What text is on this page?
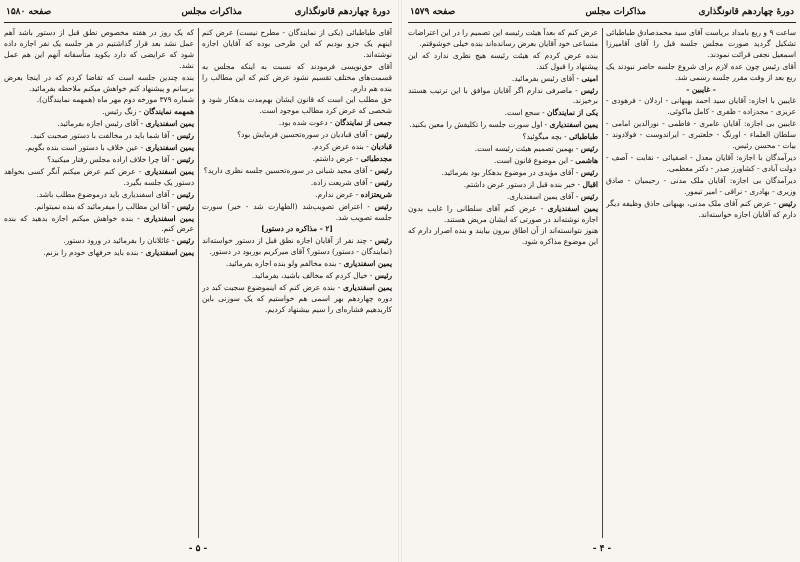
دورهٔ چهاردهم قانونگذاری
مذاکرات مجلس
صفحه ۱۵۸۰

آقای طباطبائی (یکی از نمایندگان - مطرح نیست) عرض کنم اینهم یک جزو بودیم که این طرحی بوده که آقایان اجازه نوشته‌اند.

آقای حق‌نویسی فرمودند که نسبت به اینکه مجلس به قسمت‌های مختلف تقسیم نشود عرض کنم که این مطالب را بنده هم دارم.

حق مطلب این است که قانون ایشان بهم‌مدت بدهکار شود و شخصی که عرض کرد مطالب موجود است.

جمعی از نمایندگان - دعوت شده بود.

رئیس - آقای قبادیان در سوره‌تحسین فرمایش بود؟

قبادیان - بنده عرض کردم.

مجدطبائی - عرض داشتم.

رئیس - آقای مجید شبانی در سوره‌تحسین جلسه نظری دارید؟

رئیس - آقای شریعت زاده.

شریعتزاده - عرض ندارم.

رئیس - اعتراض تصویب‌شد (الطهارت شد - خیر) سورت جلسه تصویب شد.

[۲ - مذاکره در دستور]

رئیس - چند نفر از آقایان اجازه نطق قبل از دستور خواسته‌اند (نمایندگان - دستور) دستور؟ آقای میرکریم بوربود در دستور.

یمین اسفندیاری - بنده مخالفم ولو بنده اجازه بفرمائید.

رئیس - خیال کردم که مخالف باشید، بفرمائید.

یمین اسفندیاری - بنده عرض کنم که اینموضوع سجیت کبد در دوره چهاردهم بهر اسمی هم خواستیم که یک سوزنی باین کاربدهیم فشاره‌ای را سیم بیشنهاد کردیم.

که یک روز در هفته مخصوص نطق قبل از دستور باشد آهم عمل نشد بعد قرار گذاشتیم در هر جلسه یک نفر اجازه داده شود که عرایضی که دارد بکوید متأسفانه آنهم این هم عمل نشد.

بنده چندین جلسه است که تقاضا کردم که در اینجا بعرض برسانم و پیشنهاد کنم خواهش میکنم ملاحظه بفرمائید.

شماره ۳۷۹ مورخه دوم مهر ماه (همهمه نمایندگان).

همهمه نمایندگان - زنگ رئیس.

یمین اسفندیاری - آقای رئیس اجازه بفرمائید.

رئیس - آقا شما باید در مخالفت با دستور صحبت کنید.

یمین اسفندیاری - عین خلاف با دستور است بنده بگویم.

رئیس - آقا چرا خلاف اراده مجلس رفتار میکنید؟

یمین اسفندیاری - عرض کنم عرض میکنم آنگر کسی بخواهد دستور یک جلسه بگیرد.

رئیس - آقای اسفندیاری باید درموضوع مطلب باشد.

رئیس - آقا این مطالب را میفرمائید که بنده نمیتوانم.

یمین اسفندیاری - بنده خواهش میکنم اجازه بدهید که بنده عرض کنم.

رئیس - غائلانان را بفرمائید در ورود دستور.

یمین اسفندیاری - بنده باید حرفهای خودم را بزنم.

- ۵ -
دورهٔ چهاردهم قانونگذاری
مذاکرات مجلس
صفحه ۱۵۷۹

ساعت ۹ و ربع بامداد بریاست آقای سید محمدصادق طباطبائی تشکیل گردید صورت مجلس جلسه قبل را آقای آقامیرزا اسمعیل نجفی قرائت نمودند.

آقای رئیس چون عده لازم برای شروع جلسه حاضر نبودند یک ربع بعد از وقت مقرر جلسه رسمی شد.

- غایبین -

غایبین با اجازه: آقایان سید احمد بهبهانی - اردلان - فرهودی - عزیزی - مجدزاده - ظفری - کامل ماکوئی.

غایبین بی اجازه: آقایان عامری - فاطمی - نورالدین امامی - سلطان العلماء - اورنگ - خلعتبری - ایراندوست - فولادوند - بیات - محسن رئیس.

دیرآمدگان با اجازه: آقایان معدل - اصفیائی - نقابت - آصف - دولت آبادی - کشاورز صدر - دکتر معظمی.

دیرآمدگان بی اجازه: آقایان ملک مدنی - رحیمیان - صادق وزیری - بهادری - نراقی - امیر تیمور.

رئیس - عرض کنم آقای ملک مدنی، بهبهانی حاذق وظیفه دیگر دارم که آقایان اجازه خواسته‌اند.

عرض کنم که بعداً هیئت رئیسه این تصمیم را در این اعتراضات متساعی خود آقایان بعرض رسانده‌اند بنده خیلی خوشوقتم.

بنده عرض کردم که هیئت رئیسه هیچ نظری ندارد که این پیشنهاد را قبول کند.

امینی - آقای رئیس بفرمائید.

رئیس - ماصرفی ندارم اگر آقایان موافق با این ترتیب هستند برخیزند.

یکی از نمایندگان - سجع است.

یمین اسفندیاری - اول سورت جلسه را تکلیفش را معین بکنید.

طباطبائی - بچه میگوئید؟

رئیس - بهمین تصمیم هیئت رئیسه است.

هاشمی - این موضوع قانون است.

رئیس - آقای مؤیدی در موضوع بدهکار بود بفرمائید.

اقبال - خیر بنده قبل از دستور عرض داشتم.

رئیس - آقای یمین اسفندیاری.

یمین اسفندیاری - عرض کنم آقای سلطانی را غایب بدون اجازه نوشته‌اند در صورتی که ایشان مریض هستند.

هنوز نتوانسته‌اند از آن اطاق بیرون بیایند و بنده اصرار دارم که این موضوع مذاکره شود.

- ۴ -
